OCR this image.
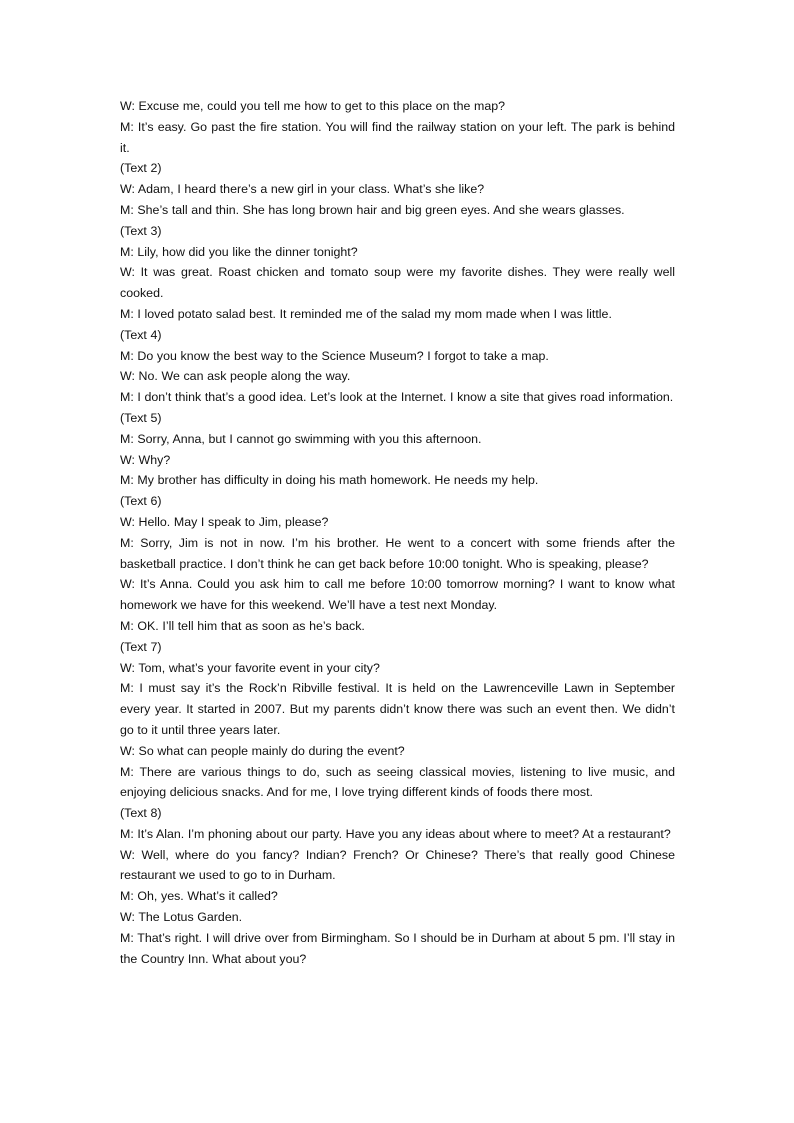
W: Excuse me, could you tell me how to get to this place on the map?

M: It’s easy. Go past the fire station. You will find the railway station on your left. The park is behind it.

(Text 2)

W: Adam, I heard there’s a new girl in your class. What’s she like?

M: She’s tall and thin. She has long brown hair and big green eyes. And she wears glasses.

(Text 3)

M: Lily, how did you like the dinner tonight?

W: It was great. Roast chicken and tomato soup were my favorite dishes. They were really well cooked.

M: I loved potato salad best. It reminded me of the salad my mom made when I was little.

(Text 4)

M: Do you know the best way to the Science Museum? I forgot to take a map.

W: No. We can ask people along the way.

M: I don’t think that’s a good idea. Let’s look at the Internet. I know a site that gives road information.

(Text 5)

M: Sorry, Anna, but I cannot go swimming with you this afternoon.

W: Why?

M: My brother has difficulty in doing his math homework. He needs my help.

(Text 6)

W: Hello. May I speak to Jim, please?

M: Sorry, Jim is not in now. I’m his brother. He went to a concert with some friends after the basketball practice. I don’t think he can get back before 10:00 tonight. Who is speaking, please?

W: It’s Anna. Could you ask him to call me before 10:00 tomorrow morning? I want to know what homework we have for this weekend. We’ll have a test next Monday.

M: OK. I’ll tell him that as soon as he’s back.

(Text 7)

W: Tom, what’s your favorite event in your city?

M: I must say it’s the Rock’n Ribville festival. It is held on the Lawrenceville Lawn in September every year. It started in 2007. But my parents didn’t know there was such an event then. We didn’t go to it until three years later.

W: So what can people mainly do during the event?

M: There are various things to do, such as seeing classical movies, listening to live music, and enjoying delicious snacks. And for me, I love trying different kinds of foods there most.

(Text 8)

M: It’s Alan. I’m phoning about our party. Have you any ideas about where to meet? At a restaurant?

W: Well, where do you fancy? Indian? French? Or Chinese? There’s that really good Chinese restaurant we used to go to in Durham.

M: Oh, yes. What’s it called?

W: The Lotus Garden.

M: That’s right. I will drive over from Birmingham. So I should be in Durham at about 5 pm. I’ll stay in the Country Inn. What about you?
